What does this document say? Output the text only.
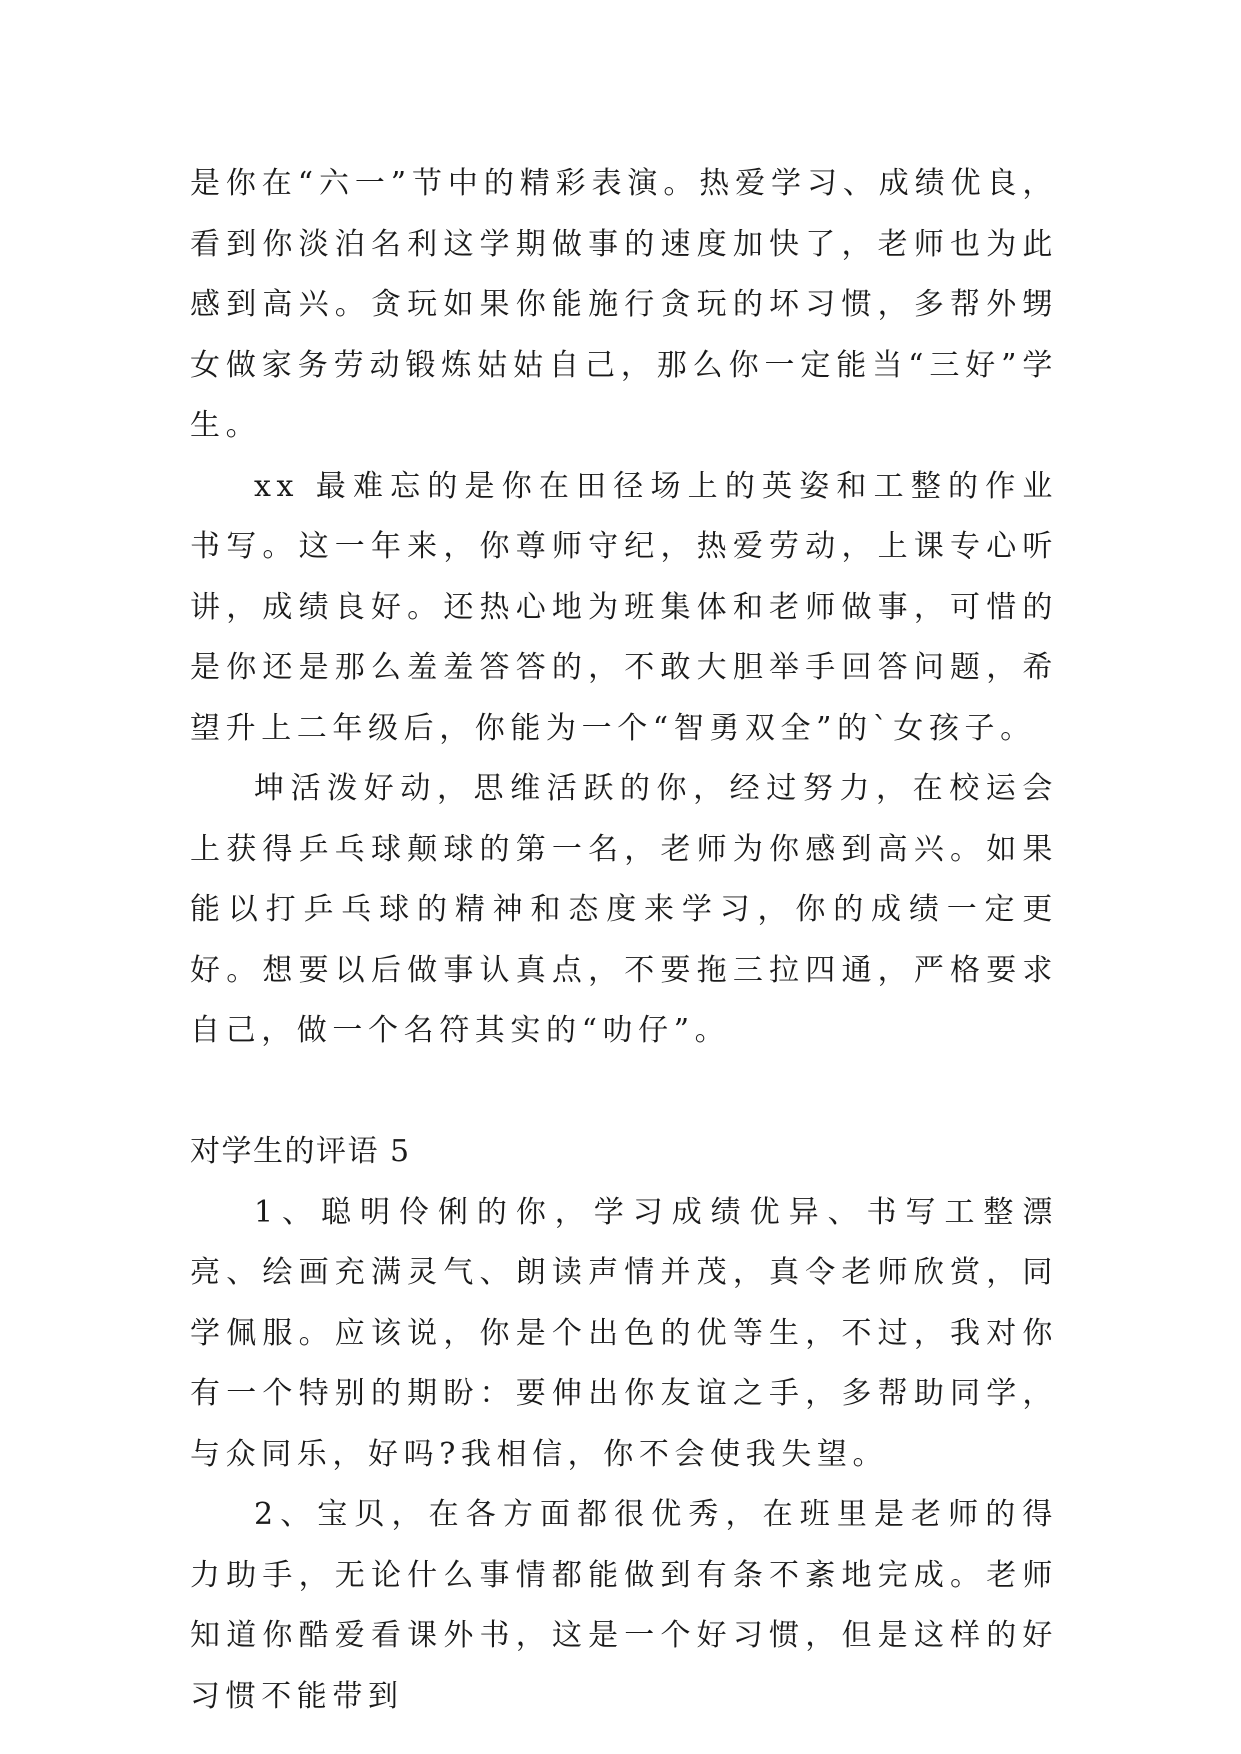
是你在“六一”节中的精彩表演。热爱学习、成绩优良，看到你淡泊名利这学期做事的速度加快了，老师也为此感到高兴。贪玩如果你能施行贪玩的坏习惯，多帮外甥女做家务劳动锻炼姑姑自己，那么你一定能当“三好”学生。

xx 最难忘的是你在田径场上的英姿和工整的作业书写。这一年来，你尊师守纪，热爱劳动，上课专心听讲，成绩良好。还热心地为班集体和老师做事，可惜的是你还是那么羞羞答答的，不敢大胆举手回答问题，希望升上二年级后，你能为一个“智勇双全”的`女孩子。

坤活泼好动，思维活跃的你，经过努力，在校运会上获得乒乓球颠球的第一名，老师为你感到高兴。如果能以打乒乓球的精神和态度来学习，你的成绩一定更好。想要以后做事认真点，不要拖三拉四通，严格要求自己，做一个名符其实的“叻仔”。

对学生的评语 5

1、聪明伶俐的你，学习成绩优异、书写工整漂亮、绘画充满灵气、朗读声情并茂，真令老师欣赏，同学佩服。应该说，你是个出色的优等生，不过，我对你有一个特别的期盼：要伸出你友谊之手，多帮助同学，与众同乐，好吗?我相信，你不会使我失望。

2、宝贝，在各方面都很优秀，在班里是老师的得力助手，无论什么事情都能做到有条不紊地完成。老师知道你酷爱看课外书，这是一个好习惯，但是这样的好习惯不能带到
